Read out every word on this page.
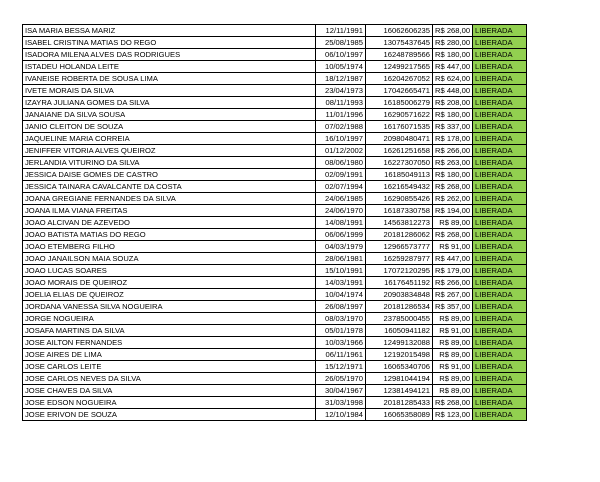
ISA MARIA BESSA MARIZ	12/11/1991	16062606235	R$ 268,00	LIBERADA
ISABEL CRISTINA MATIAS DO REGO	25/08/1985	13075437645	R$ 280,00	LIBERADA
ISADORA MILENA ALVES DAS RODRIGUES	06/10/1997	16248789566	R$ 180,00	LIBERADA
ISTADEU HOLANDA LEITE	10/05/1974	12499217565	R$ 447,00	LIBERADA
IVANEISE ROBERTA DE SOUSA LIMA	18/12/1987	16204267052	R$ 624,00	LIBERADA
IVETE MORAIS DA SILVA	23/04/1973	17042665471	R$ 448,00	LIBERADA
IZAYRA JULIANA GOMES DA SILVA	08/11/1993	16185006279	R$ 208,00	LIBERADA
JANAIANE DA SILVA SOUSA	11/01/1996	16290571622	R$ 180,00	LIBERADA
JANIO CLEITON DE SOUZA	07/02/1988	16176071535	R$ 337,00	LIBERADA
JAQUELINE MARIA CORREIA	16/10/1997	20980480471	R$ 178,00	LIBERADA
JENIFFER VITORIA ALVES QUEIROZ	01/12/2002	16261251658	R$ 266,00	LIBERADA
JERLANDIA VITURINO DA SILVA	08/06/1980	16227307050	R$ 263,00	LIBERADA
JESSICA DAISE GOMES DE CASTRO	02/09/1991	16185049113	R$ 180,00	LIBERADA
JESSICA TAINARA CAVALCANTE DA COSTA	02/07/1994	16216549432	R$ 268,00	LIBERADA
JOANA GREGIANE FERNANDES DA SILVA	24/06/1985	16290855426	R$ 262,00	LIBERADA
JOANA ILMA VIANA FREITAS	24/06/1970	16187330758	R$ 194,00	LIBERADA
JOAO ALCIVAN DE AZEVEDO	14/08/1991	14563812273	R$ 89,00	LIBERADA
JOAO BATISTA MATIAS DO REGO	06/06/1999	20181286062	R$ 268,00	LIBERADA
JOAO ETEMBERG FILHO	04/03/1979	12966573777	R$ 91,00	LIBERADA
JOAO JANAILSON MAIA SOUZA	28/06/1981	16259287977	R$ 447,00	LIBERADA
JOAO LUCAS SOARES	15/10/1991	17072120295	R$ 179,00	LIBERADA
JOAO MORAIS DE QUEIROZ	14/03/1991	16176451192	R$ 266,00	LIBERADA
JOELIA ELIAS DE QUEIROZ	10/04/1974	20903834848	R$ 267,00	LIBERADA
JORDANA VANESSA SILVA NOGUEIRA	26/08/1997	20181286534	R$ 357,00	LIBERADA
JORGE NOGUEIRA	08/03/1970	23785000455	R$ 89,00	LIBERADA
JOSAFA MARTINS DA SILVA	05/01/1978	16050941182	R$ 91,00	LIBERADA
JOSE AILTON FERNANDES	10/03/1966	12499132088	R$ 89,00	LIBERADA
JOSE AIRES DE LIMA	06/11/1961	12192015498	R$ 89,00	LIBERADA
JOSE CARLOS LEITE	15/12/1971	16065340706	R$ 91,00	LIBERADA
JOSE CARLOS NEVES DA SILVA	26/05/1970	12981044194	R$ 89,00	LIBERADA
JOSE CHAVES DA SILVA	30/04/1967	12381494121	R$ 89,00	LIBERADA
JOSE EDSON NOGUEIRA	31/03/1998	20181285433	R$ 268,00	LIBERADA
JOSE ERIVON DE SOUZA	12/10/1984	16065358089	R$ 123,00	LIBERADA
